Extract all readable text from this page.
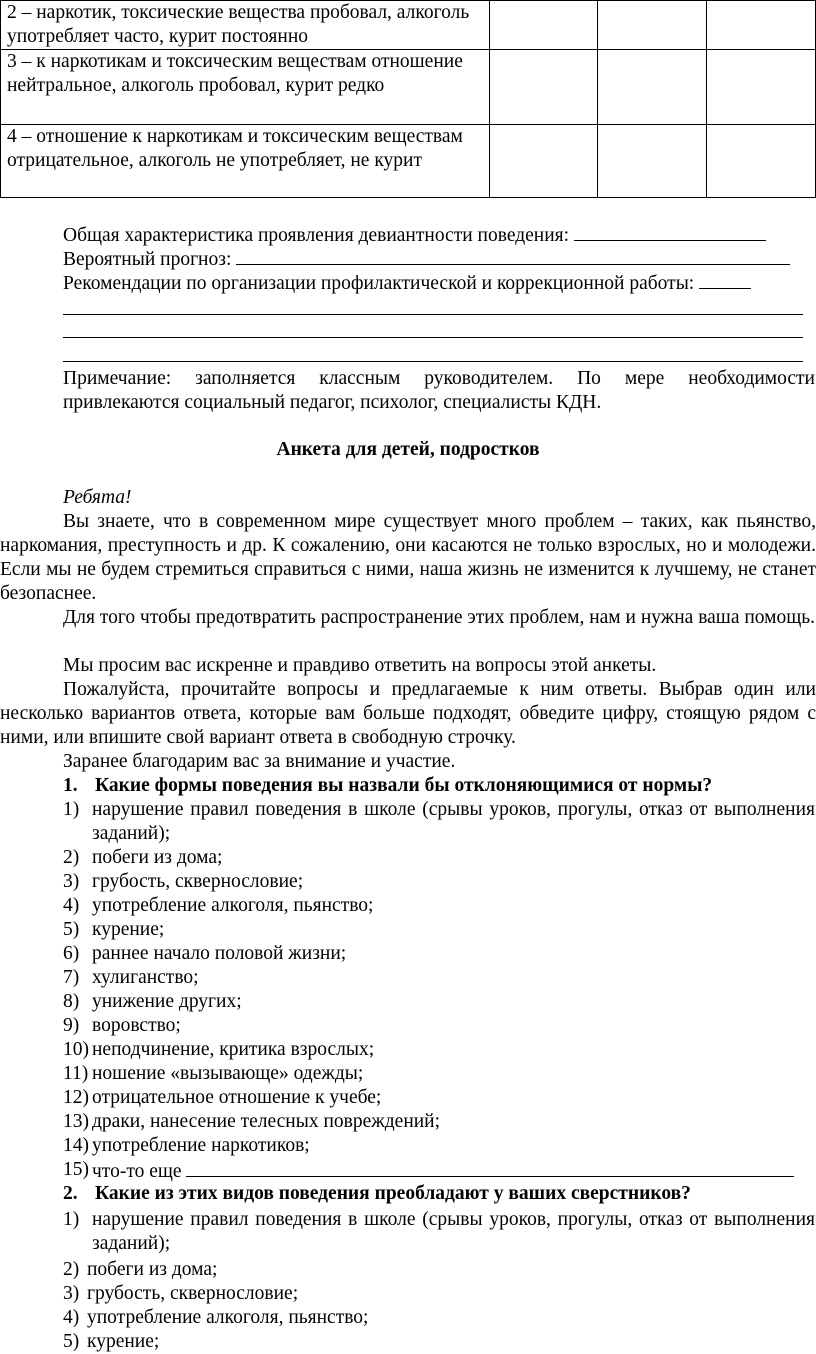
2 – наркотик, токсические вещества пробовал, алкоголь употребляет часто, курит постоянно			
3 – к наркотикам и токсическим веществам отношение нейтральное, алкоголь пробовал, курит редко			
4 – отношение к наркотикам и токсическим веществам отрицательное, алкоголь не употребляет, не курит			
Общая характеристика проявления девиантности поведения:
Вероятный прогноз:
Рекомендации по организации профилактической и коррекционной работы:
Примечание: заполняется классным руководителем. По мере необходимости привлекаются социальный педагог, психолог, специалисты КДН.
Анкета для детей, подростков
Ребята!
Вы знаете, что в современном мире существует много проблем – таких, как пьянство, наркомания, преступность и др. К сожалению, они касаются не только взрослых, но и молодежи. Если мы не будем стремиться справиться с ними, наша жизнь не изменится к лучшему, не станет безопаснее.
Для того чтобы предотвратить распространение этих проблем, нам и нужна ваша помощь.
Мы просим вас искренне и правдиво ответить на вопросы этой анкеты.
Пожалуйста, прочитайте вопросы и предлагаемые к ним ответы. Выбрав один или несколько вариантов ответа, которые вам больше подходят, обведите цифру, стоящую рядом с ними, или впишите свой вариант ответа в свободную строчку.
Заранее благодарим вас за внимание и участие.
1. Какие формы поведения вы назвали бы отклоняющимися от нормы?
1) нарушение правил поведения в школе (срывы уроков, прогулы, отказ от выполнения заданий);
2) побеги из дома;
3) грубость, сквернословие;
4) употребление алкоголя, пьянство;
5) курение;
6) раннее начало половой жизни;
7) хулиганство;
8) унижение других;
9) воровство;
10) неподчинение, критика взрослых;
11) ношение «вызывающе» одежды;
12) отрицательное отношение к учебе;
13) драки, нанесение телесных повреждений;
14) употребление наркотиков;
15) что-то еще
2. Какие из этих видов поведения преобладают у ваших сверстников?
1) нарушение правил поведения в школе (срывы уроков, прогулы, отказ от выполнения заданий);
2) побеги из дома;
3) грубость, сквернословие;
4) употребление алкоголя, пьянство;
5) курение;
